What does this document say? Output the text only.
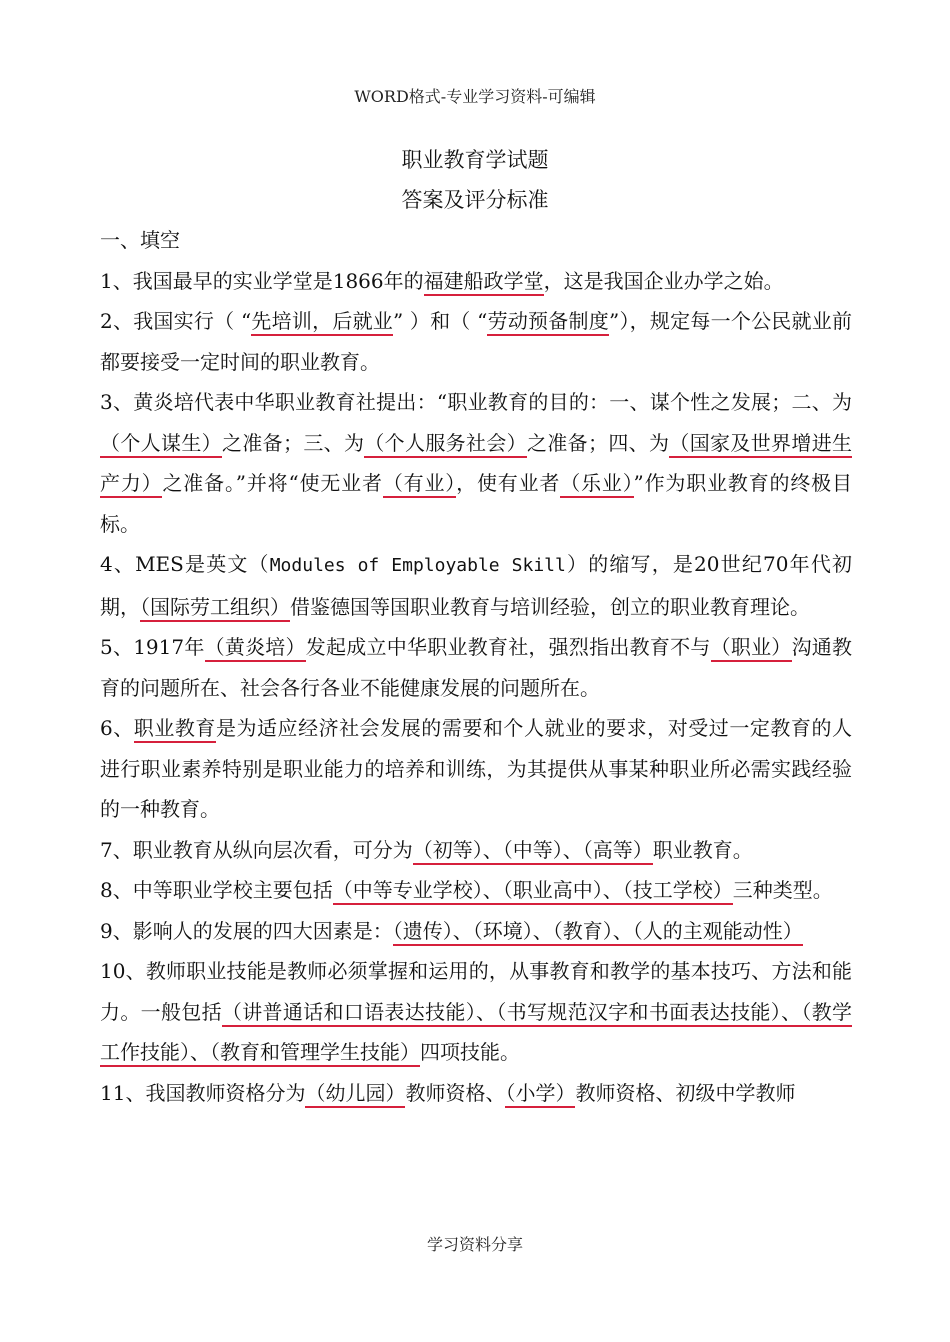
WORD格式-专业学习资料-可编辑
职业教育学试题
答案及评分标准

一、填空

1、我国最早的实业学堂是1866年的福建船政学堂，这是我国企业办学之始。

2、我国实行（ “先培训，后就业” ）和（ “劳动预备制度”），规定每一个公民就业前都要接受一定时间的职业教育。

3、黄炎培代表中华职业教育社提出：“职业教育的目的：一、谋个性之发展；二、为（个人谋生）之准备；三、为（个人服务社会）之准备；四、为（国家及世界增进生产力）之准备。”并将“使无业者（有业），使有业者（乐业）”作为职业教育的终极目标。

4、MES是英文（Modules of Employable Skill）的缩写，是20世纪70年代初期，（国际劳工组织）借鉴德国等国职业教育与培训经验，创立的职业教育理论。

5、1917年（黄炎培）发起成立中华职业教育社，强烈指出教育不与（职业）沟通教育的问题所在、社会各行各业不能健康发展的问题所在。

6、职业教育是为适应经济社会发展的需要和个人就业的要求，对受过一定教育的人进行职业素养特别是职业能力的培养和训练，为其提供从事某种职业所必需实践经验的一种教育。

7、职业教育从纵向层次看，可分为（初等）、（中等）、（高等）职业教育。

8、中等职业学校主要包括（中等专业学校）、（职业高中）、（技工学校）三种类型。

9、影响人的发展的四大因素是：（遗传）、（环境）、（教育）、（人的主观能动性）

10、教师职业技能是教师必须掌握和运用的，从事教育和教学的基本技巧、方法和能力。一般包括（讲普通话和口语表达技能）、（书写规范汉字和书面表达技能）、（教学工作技能）、（教育和管理学生技能）四项技能。

11、我国教师资格分为（幼儿园）教师资格、（小学）教师资格、初级中学教师

学习资料分享
